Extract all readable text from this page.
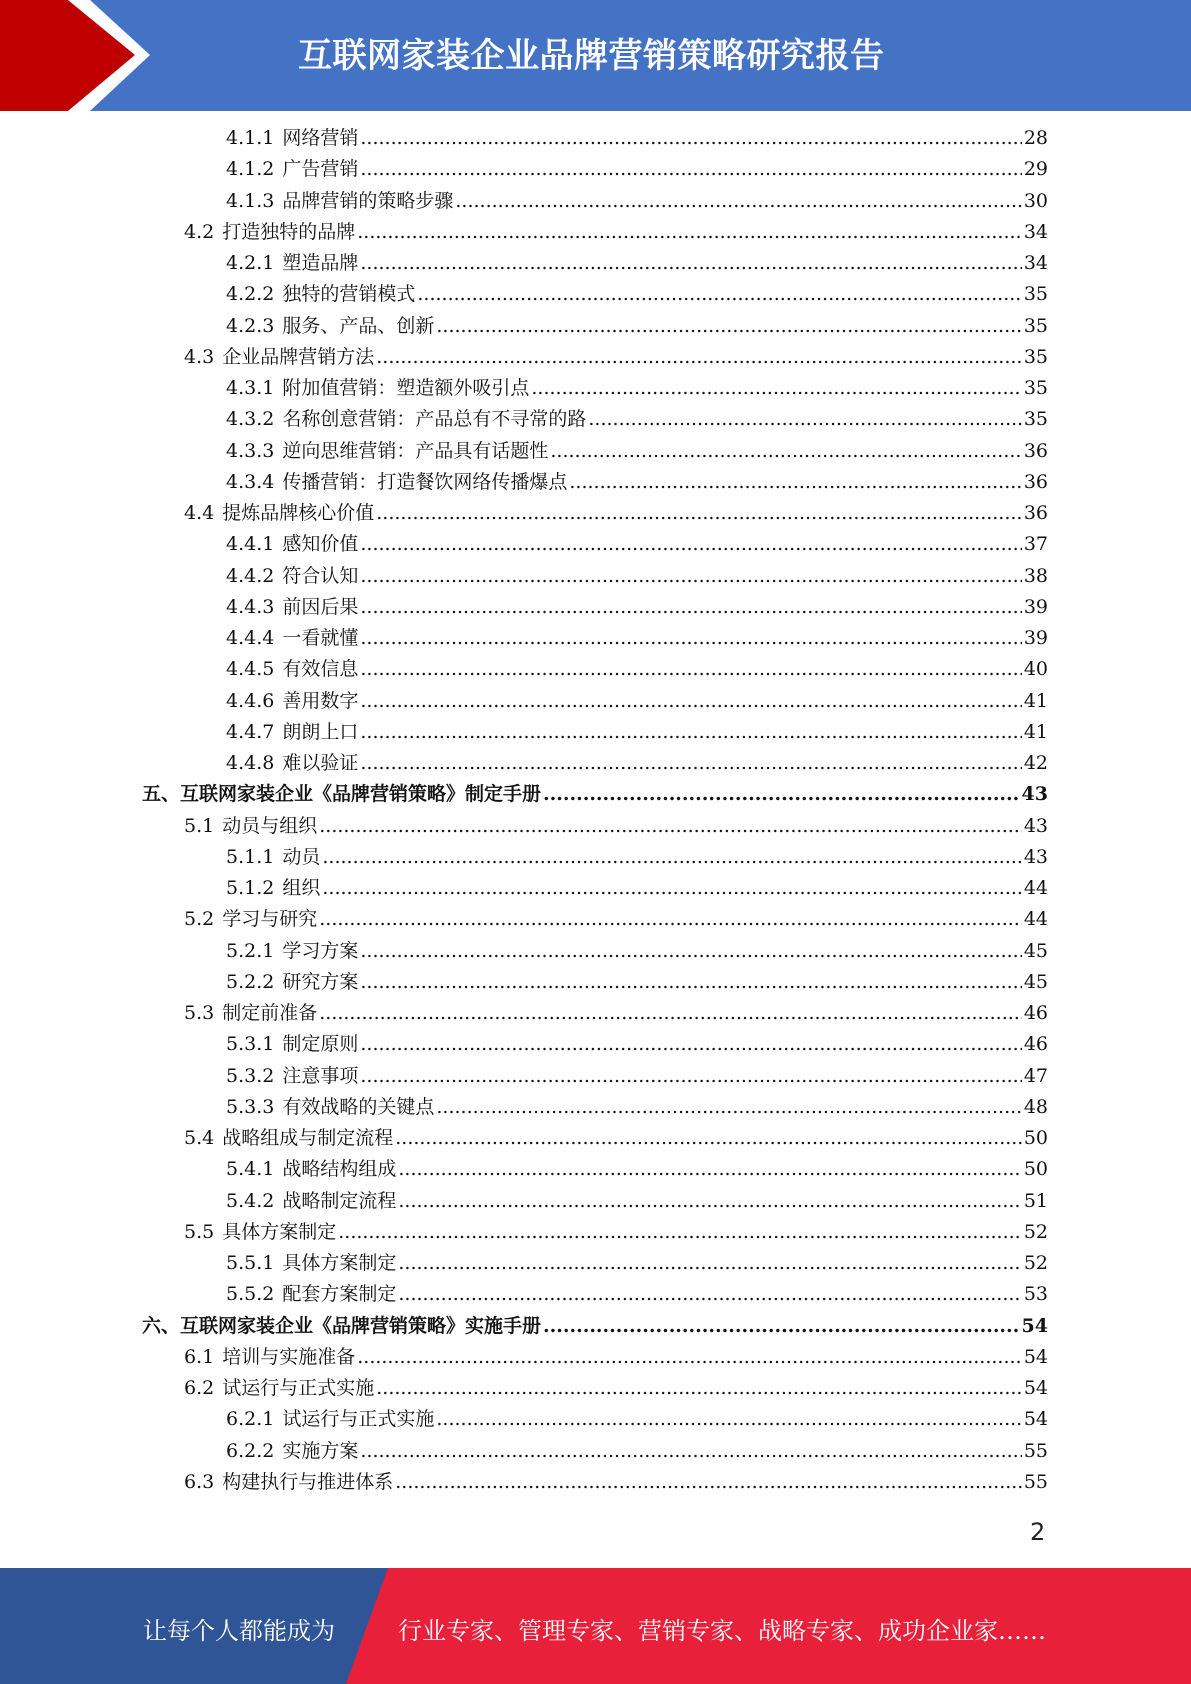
互联网家装企业品牌营销策略研究报告
4.1.1 网络营销 .....	28
4.1.2 广告营销 .....	29
4.1.3 品牌营销的策略步骤 .....	30
4.2 打造独特的品牌 .....	34
4.2.1 塑造品牌 .....	34
4.2.2 独特的营销模式 .....	35
4.2.3 服务、产品、创新 .....	35
4.3 企业品牌营销方法 .....	35
4.3.1 附加值营销：塑造额外吸引点 .....	35
4.3.2 名称创意营销：产品总有不寻常的路 .....	35
4.3.3 逆向思维营销：产品具有话题性 .....	36
4.3.4 传播营销：打造餐饮网络传播爆点 .....	36
4.4 提炼品牌核心价值 .....	36
4.4.1 感知价值 .....	37
4.4.2 符合认知 .....	38
4.4.3 前因后果 .....	39
4.4.4 一看就懂 .....	39
4.4.5 有效信息 .....	40
4.4.6 善用数字 .....	41
4.4.7 朗朗上口 .....	41
4.4.8 难以验证 .....	42
五、互联网家装企业《品牌营销策略》制定手册 .....	43
5.1 动员与组织 .....	43
5.1.1 动员 .....	43
5.1.2 组织 .....	44
5.2 学习与研究 .....	44
5.2.1 学习方案 .....	45
5.2.2 研究方案 .....	45
5.3 制定前准备 .....	46
5.3.1 制定原则 .....	46
5.3.2 注意事项 .....	47
5.3.3 有效战略的关键点 .....	48
5.4 战略组成与制定流程 .....	50
5.4.1 战略结构组成 .....	50
5.4.2 战略制定流程 .....	51
5.5 具体方案制定 .....	52
5.5.1 具体方案制定 .....	52
5.5.2 配套方案制定 .....	53
六、互联网家装企业《品牌营销策略》实施手册 .....	54
6.1 培训与实施准备 .....	54
6.2 试运行与正式实施 .....	54
6.2.1 试运行与正式实施 .....	54
6.2.2 实施方案 .....	55
6.3 构建执行与推进体系 .....	55
2
让每个人都能成为	行业专家、管理专家、营销专家、战略专家、成功企业家……
